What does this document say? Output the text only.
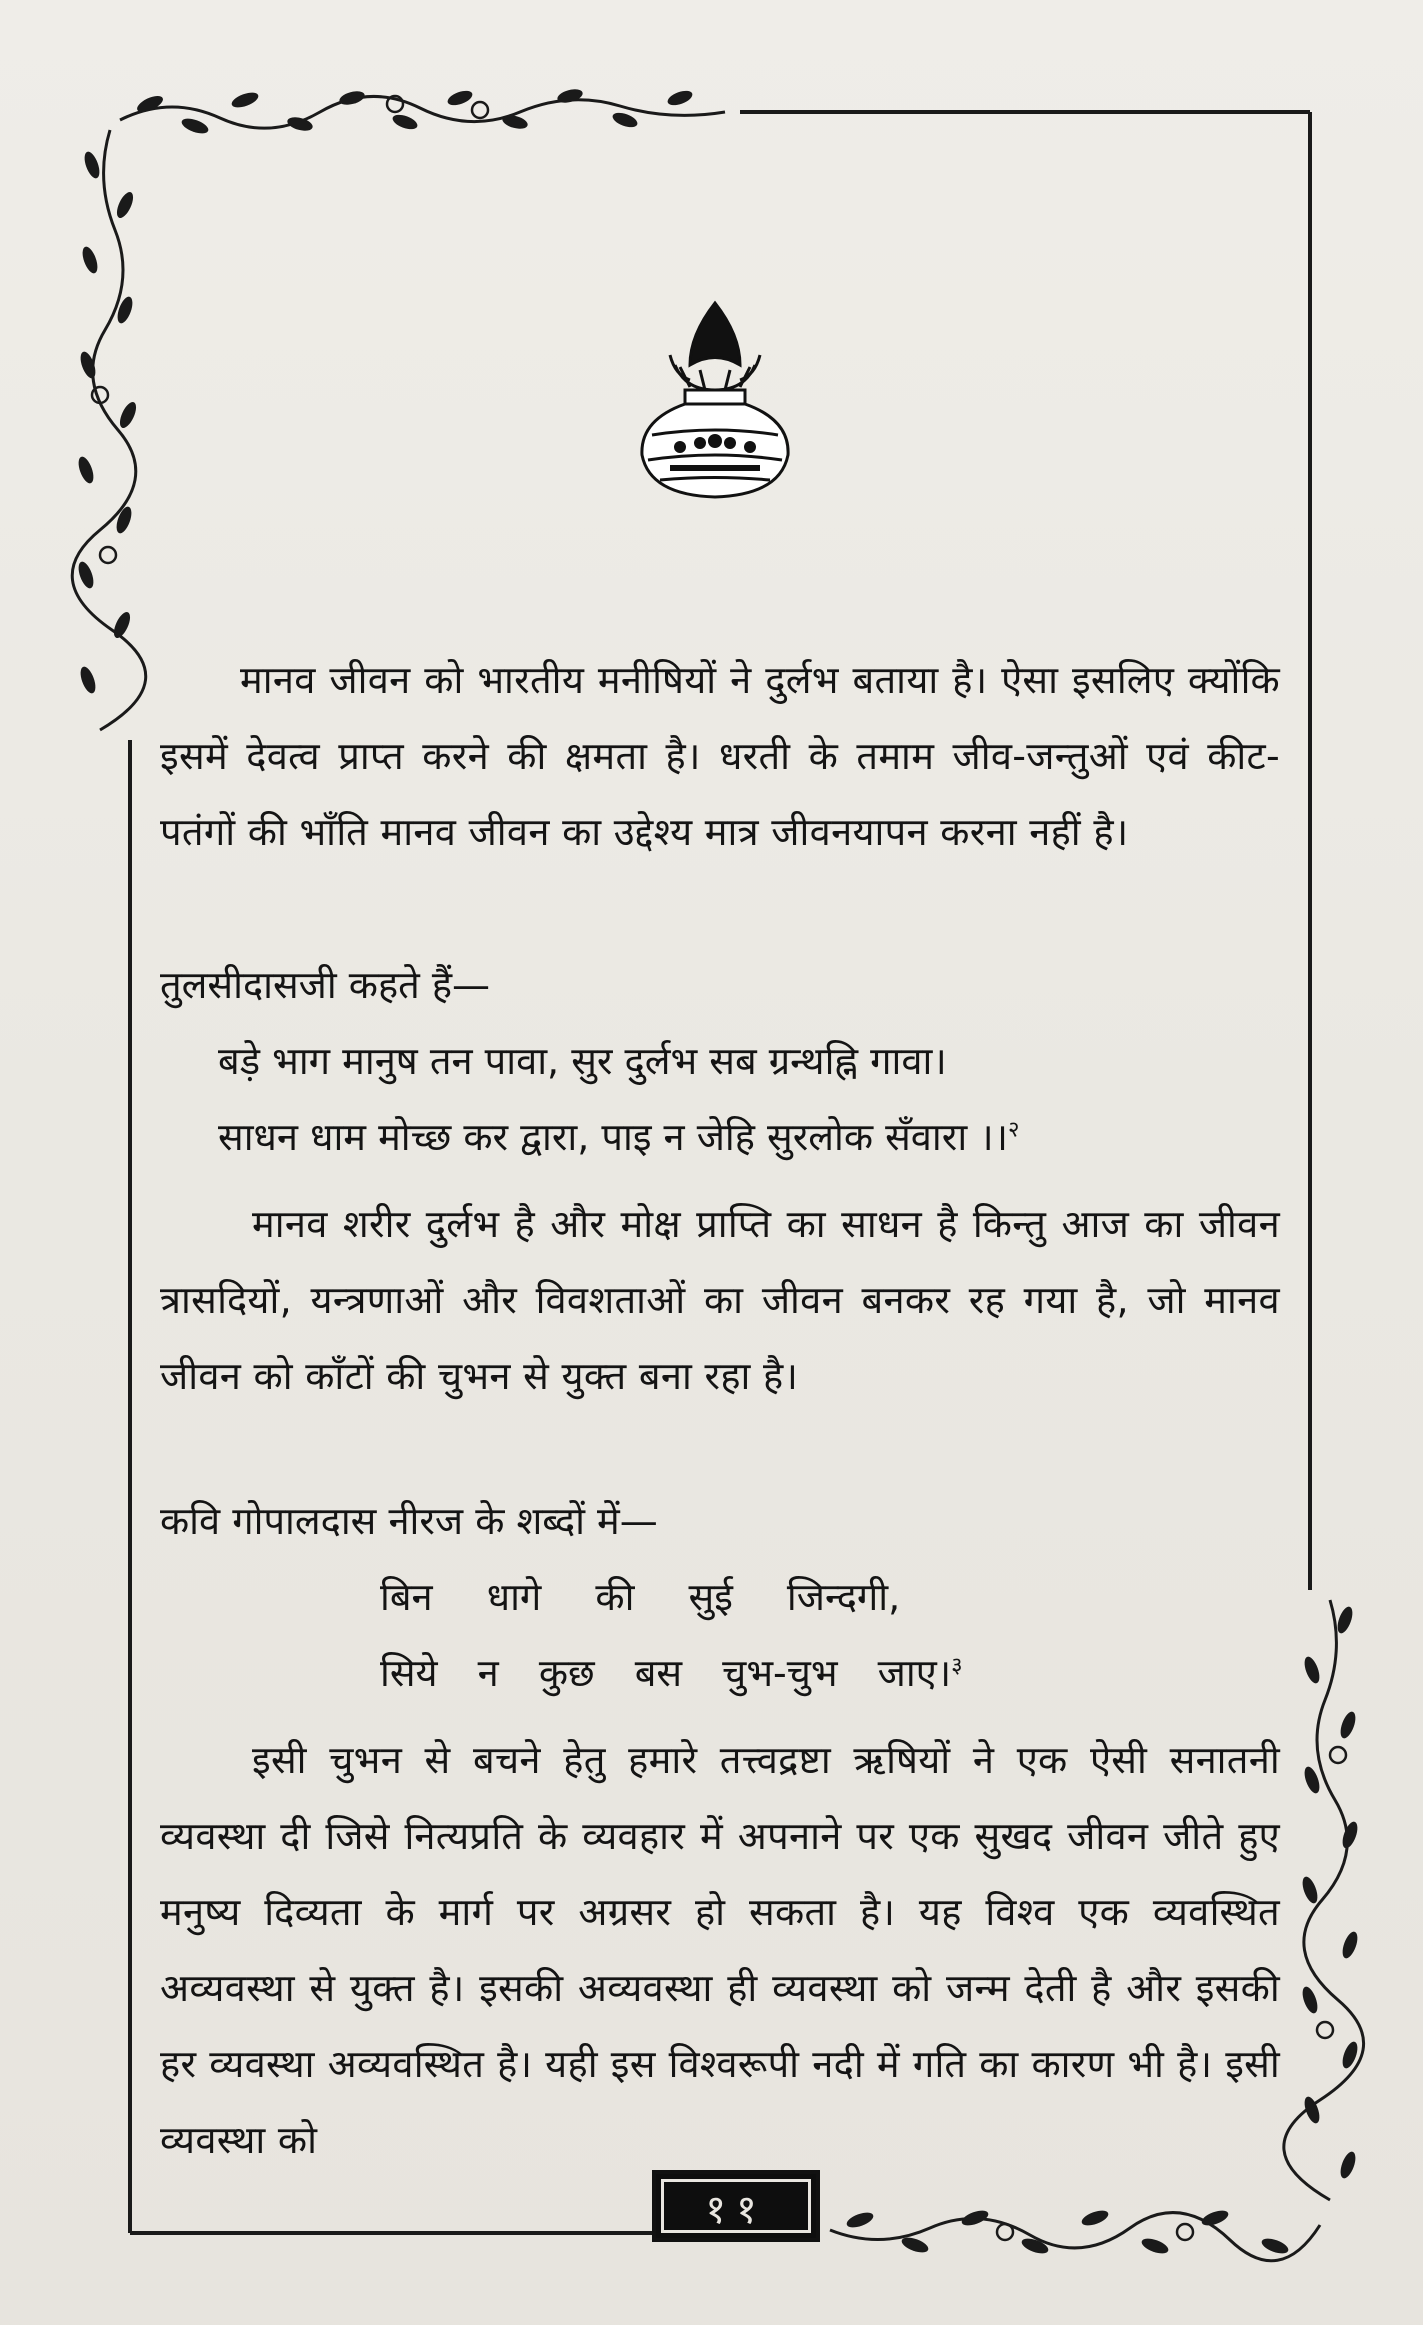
मानव जीवन को भारतीय मनीषियों ने दुर्लभ बताया है। ऐसा इसलिए क्योंकि इसमें देवत्व प्राप्त करने की क्षमता है। धरती के तमाम जीव-जन्तुओं एवं कीट-पतंगों की भाँति मानव जीवन का उद्देश्य मात्र जीवनयापन करना नहीं है।

तुलसीदासजी कहते हैं—

बड़े भाग मानुष तन पावा, सुर दुर्लभ सब ग्रन्थह्नि गावा।

साधन धाम मोच्छ कर द्वारा, पाइ न जेहि सुरलोक सँवारा ।।$^२$

मानव शरीर दुर्लभ है और मोक्ष प्राप्ति का साधन है किन्तु आज का जीवन त्रासदियों, यन्त्रणाओं और विवशताओं का जीवन बनकर रह गया है, जो मानव जीवन को काँटों की चुभन से युक्त बना रहा है।

कवि गोपालदास नीरज के शब्दों में—

बिन धागे की सुई जिन्दगी,

सिये न कुछ बस चुभ-चुभ जाए।$^३$

इसी चुभन से बचने हेतु हमारे तत्त्वद्रष्टा ऋषियों ने एक ऐसी सनातनी व्यवस्था दी जिसे नित्यप्रति के व्यवहार में अपनाने पर एक सुखद जीवन जीते हुए मनुष्य दिव्यता के मार्ग पर अग्रसर हो सकता है। यह विश्व एक व्यवस्थित अव्यवस्था से युक्त है। इसकी अव्यवस्था ही व्यवस्था को जन्म देती है और इसकी हर व्यवस्था अव्यवस्थित है। यही इस विश्वरूपी नदी में गति का कारण भी है। इसी व्यवस्था को

११
